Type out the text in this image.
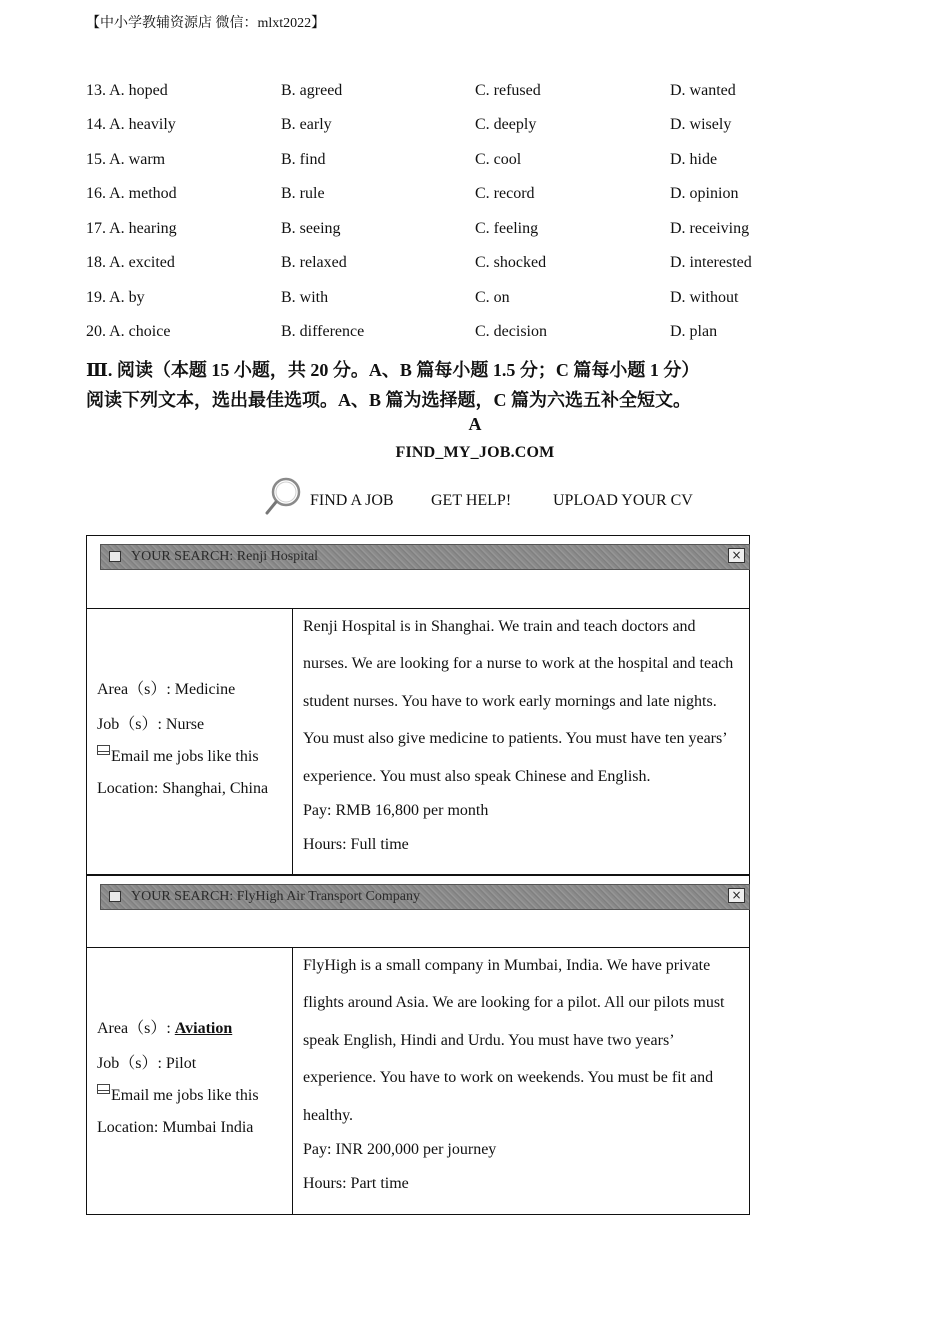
【中小学教辅资源店 微信：mlxt2022】
13. A. hoped	B. agreed	C. refused	D. wanted
14. A. heavily	B. early	C. deeply	D. wisely
15. A. warm	B. find	C. cool	D. hide
16. A. method	B. rule	C. record	D. opinion
17. A. hearing	B. seeing	C. feeling	D. receiving
18. A. excited	B. relaxed	C. shocked	D. interested
19. A. by	B. with	C. on	D. without
20. A. choice	B. difference	C. decision	D. plan
Ⅲ. 阅读（本题 15 小题，共 20 分。A、B 篇每小题 1.5 分；C 篇每小题 1 分）
阅读下列文本，选出最佳选项。A、B 篇为选择题，C 篇为六选五补全短文。
A
FIND_MY_JOB.COM
FIND A JOB GET HELP!	UPLOAD YOUR CV
YOUR SEARCH: Renji Hospital	×
Area（s）: Medicine
Job（s）: Nurse
Email me jobs like this
Location: Shanghai, China
Renji Hospital is in Shanghai. We train and teach doctors and nurses. We are looking for a nurse to work at the hospital and teach student nurses. You have to work early mornings and late nights. You must also give medicine to patients. You must have ten years’ experience. You must also speak Chinese and English.
Pay: RMB 16,800 per month
Hours: Full time
YOUR SEARCH: FlyHigh Air Transport Company	×
Area（s）: Aviation
Job（s）: Pilot
Email me jobs like this
Location: Mumbai India
FlyHigh is a small company in Mumbai, India. We have private flights around Asia. We are looking for a pilot. All our pilots must speak English, Hindi and Urdu. You must have two years’ experience. You have to work on weekends. You must be fit and healthy.
Pay: INR 200,000 per journey
Hours: Part time
